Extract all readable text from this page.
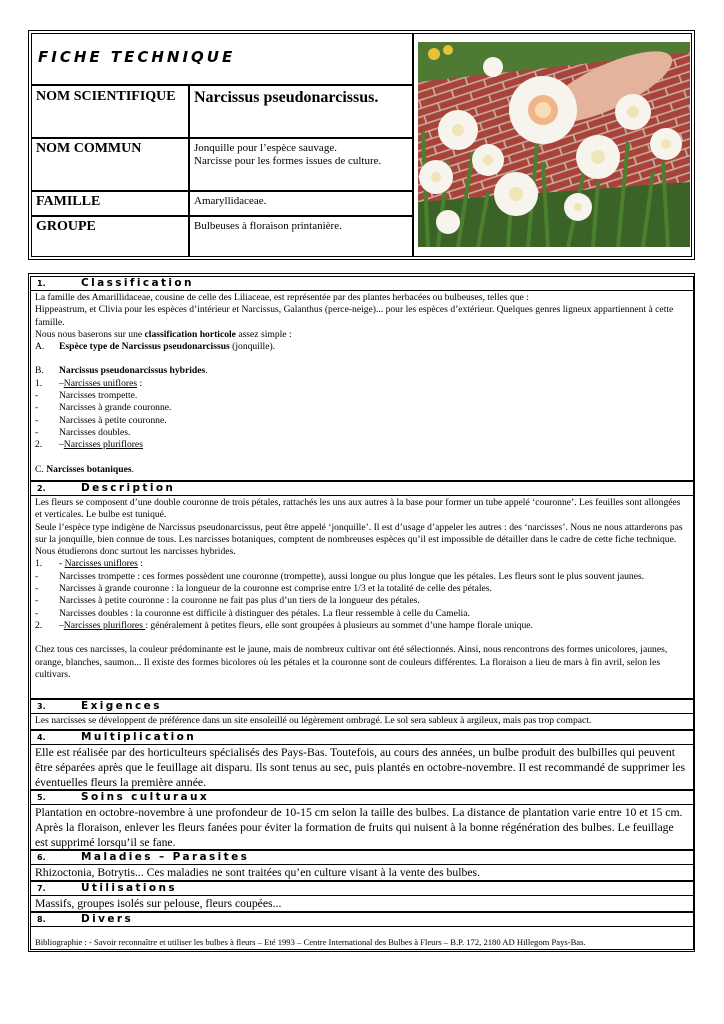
FICHE TECHNIQUE
NOM SCIENTIFIQUE Narcissus pseudonarcissus.
NOM COMMUN	Jonquille pour l’espèce sauvage.
Narcisse pour les formes issues de culture.
FAMILLE	Amaryllidaceae.
GROUPE	Bulbeuses à floraison printanière.
1.	Classification
La famille des Amarillidaceae, cousine de celle des Liliaceae, est représentée par des plantes herbacées ou bulbeuses, telles que :
Hippeastrum, et Clivia pour les espèces d’intérieur et Narcissus, Galanthus (perce-neige)... pour les espèces d’extérieur. Quelques genres ligneux appartiennent à cette famille.
Nous nous baserons sur une classification horticole assez simple :
A.	Espèce type de Narcissus pseudonarcissus (jonquille).
B.	Narcissus pseudonarcissus hybrides.
1.	–Narcisses uniflores :
-	Narcisses trompette.
-	Narcisses à grande couronne.
-	Narcisses à petite couronne.
-	Narcisses doubles.
2.	–Narcisses pluriflores
C. Narcisses botaniques.
2.	Description
Les fleurs se composent d’une double couronne de trois pétales, rattachés les uns aux autres à la base pour former un tube appelé ‘couronne’. Les feuilles sont allongées et verticales. Le bulbe est tuniqué.
Seule l’espèce type indigène de Narcissus pseudonarcissus, peut être appelé ‘jonquille’. Il est d’usage d’appeler les autres : des ‘narcisses’. Nous ne nous attarderons pas sur la jonquille, bien connue de tous. Les narcisses botaniques, comptent de nombreuses espèces qu’il est impossible de détailler dans le cadre de cette fiche technique. Nous étudierons donc surtout les narcisses hybrides.
1.	- Narcisses uniflores :
-	Narcisses trompette : ces formes possèdent une couronne (trompette), aussi longue ou plus longue que les pétales. Les fleurs sont le plus souvent jaunes.
-	Narcisses à grande couronne : la longueur de la couronne est comprise entre 1/3 et la totalité de celle des pétales.
-	Narcisses à petite couronne : la couronne ne fait pas plus d’un tiers de la longueur des pétales.
-	Narcisses doubles : la couronne est difficile à distinguer des pétales. La fleur ressemble à celle du Camelia.
2.	–Narcisses pluriflores : généralement à petites fleurs, elle sont groupées à plusieurs au sommet d’une hampe florale unique.
Chez tous ces narcisses, la couleur prédominante est le jaune, mais de nombreux cultivar ont été sélectionnés. Ainsi, nous rencontrons des formes unicolores, jaunes, orange, blanches, saumon... Il existe des formes bicolores où les pétales et la couronne sont de couleurs différentes. La floraison a lieu de mars à fin avril, selon les cultivars.
3.	Exigences
Les narcisses se développent de préférence dans un site ensoleillé ou légèrement ombragé. Le sol sera sableux à argileux, mais pas trop compact.
4.	Multiplication
Elle est réalisée par des horticulteurs spécialisés des Pays-Bas. Toutefois, au cours des années, un bulbe produit des bulbilles qui peuvent être séparées après que le feuillage ait disparu. Ils sont tenus au sec, puis plantés en octobre-novembre. Il est recommandé de supprimer les éventuelles fleurs la première année.
5.	Soins culturaux
Plantation en octobre-novembre à une profondeur de 10-15 cm selon la taille des bulbes. La distance de plantation varie entre 10 et 15 cm. Après la floraison, enlever les fleurs fanées pour éviter la formation de fruits qui nuisent à la bonne régénération des bulbes. Le feuillage est supprimé lorsqu’il se fane.
6.	Maladies – Parasites
Rhizoctonia, Botrytis... Ces maladies ne sont traitées qu’en culture visant à la vente des bulbes.
7.	Utilisations
Massifs, groupes isolés sur pelouse, fleurs coupées...
8.	Divers
Bibliographie : - Savoir reconnaître et utiliser les bulbes à fleurs – Eté 1993 – Centre International des Bulbes à Fleurs – B.P. 172, 2180 AD Hillegom Pays-Bas.
